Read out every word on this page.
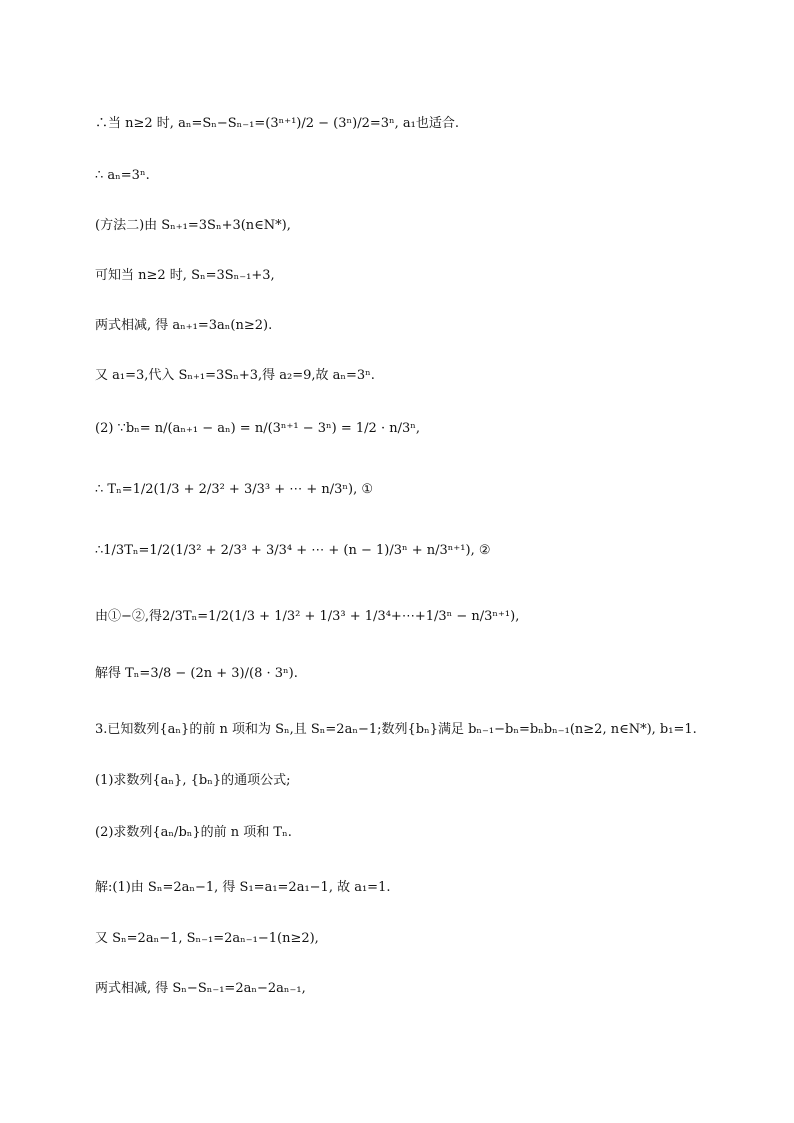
∴当 n≥2 时, aₙ=Sₙ−Sₙ₋₁=(3ⁿ⁺¹)/2 − (3ⁿ)/2=3ⁿ, a₁也适合.
∴ aₙ=3ⁿ.
(方法二)由 Sₙ₊₁=3Sₙ+3(n∈N*),
可知当 n≥2 时, Sₙ=3Sₙ₋₁+3,
两式相减, 得 aₙ₊₁=3aₙ(n≥2).
又 a₁=3,代入 Sₙ₊₁=3Sₙ+3,得 a₂=9,故 aₙ=3ⁿ.
(2) ∵bₙ= n/(aₙ₊₁ − aₙ) = n/(3ⁿ⁺¹ − 3ⁿ) = 1/2 · n/3ⁿ,
∴ Tₙ=1/2(1/3 + 2/3² + 3/3³ + ⋯ + n/3ⁿ), ①
∴1/3Tₙ=1/2(1/3² + 2/3³ + 3/3⁴ + ⋯ + (n − 1)/3ⁿ + n/3ⁿ⁺¹), ②
由①−②,得2/3Tₙ=1/2(1/3 + 1/3² + 1/3³ + 1/3⁴+⋯+1/3ⁿ − n/3ⁿ⁺¹),
解得 Tₙ=3/8 − (2n + 3)/(8 · 3ⁿ).
3.已知数列{aₙ}的前 n 项和为 Sₙ,且 Sₙ=2aₙ−1;数列{bₙ}满足 bₙ₋₁−bₙ=bₙbₙ₋₁(n≥2, n∈N*), b₁=1.
(1)求数列{aₙ}, {bₙ}的通项公式;
(2)求数列{aₙ/bₙ}的前 n 项和 Tₙ.
解:(1)由 Sₙ=2aₙ−1, 得 S₁=a₁=2a₁−1, 故 a₁=1.
又 Sₙ=2aₙ−1, Sₙ₋₁=2aₙ₋₁−1(n≥2),
两式相减, 得 Sₙ−Sₙ₋₁=2aₙ−2aₙ₋₁,
